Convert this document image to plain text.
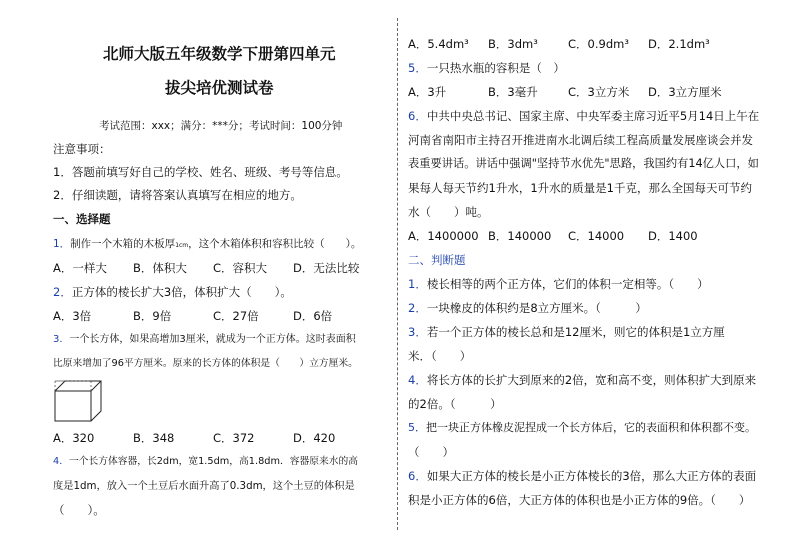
北师大版五年级数学下册第四单元
拔尖培优测试卷
考试范围：xxx；满分：***分；考试时间：100分钟
注意事项：
1．答题前填写好自己的学校、姓名、班级、考号等信息。
2．仔细读题，请将答案认真填写在相应的地方。
一、选择题
1．制作一个木箱的木板厚1cm，这个木箱体积和容积比较（　　）。
A．一样大	B．体积大	C．容积大	D．无法比较
2．正方体的棱长扩大3倍，体积扩大（　　）。
A．3倍	B．9倍	C．27倍	D．6倍
3．一个长方体，如果高增加3厘米，就成为一个正方体。这时表面积
比原来增加了96平方厘米。原来的长方体的体积是（　　）立方厘米。
A．320	B．348	C．372	D．420
4．一个长方体容器，长2dm，宽1.5dm，高1.8dm．容器原来水的高
度是1dm，放入一个土豆后水面升高了0.3dm，这个土豆的体积是
（　　）。
A．5.4dm³	B．3dm³	C．0.9dm³	D．2.1dm³
5．一只热水瓶的容积是（　）
A．3升	B．3毫升	C．3立方米	D．3立方厘米
6．中共中央总书记、国家主席、中央军委主席习近平5月14日上午在
河南省南阳市主持召开推进南水北调后续工程高质量发展座谈会并发
表重要讲话。讲话中强调"坚持节水优先"思路，我国约有14亿人口，如
果每人每天节约1升水，1升水的质量是1千克，那么全国每天可节约
水（　　）吨。
A．1400000 B．140000	C．14000	D．1400
二、判断题
1．棱长相等的两个正方体，它们的体积一定相等。（　　）
2．一块橡皮的体积约是8立方厘米。（　　　）
3．若一个正方体的棱长总和是12厘米，则它的体积是1立方厘
米．（　　）
4．将长方体的长扩大到原来的2倍，宽和高不变，则体积扩大到原来
的2倍。（　　　）
5．把一块正方体橡皮泥捏成一个长方体后，它的表面积和体积都不变。
（　　）
6．如果大正方体的棱长是小正方体棱长的3倍，那么大正方体的表面
积是小正方体的6倍，大正方体的体积也是小正方体的9倍。（　　）
